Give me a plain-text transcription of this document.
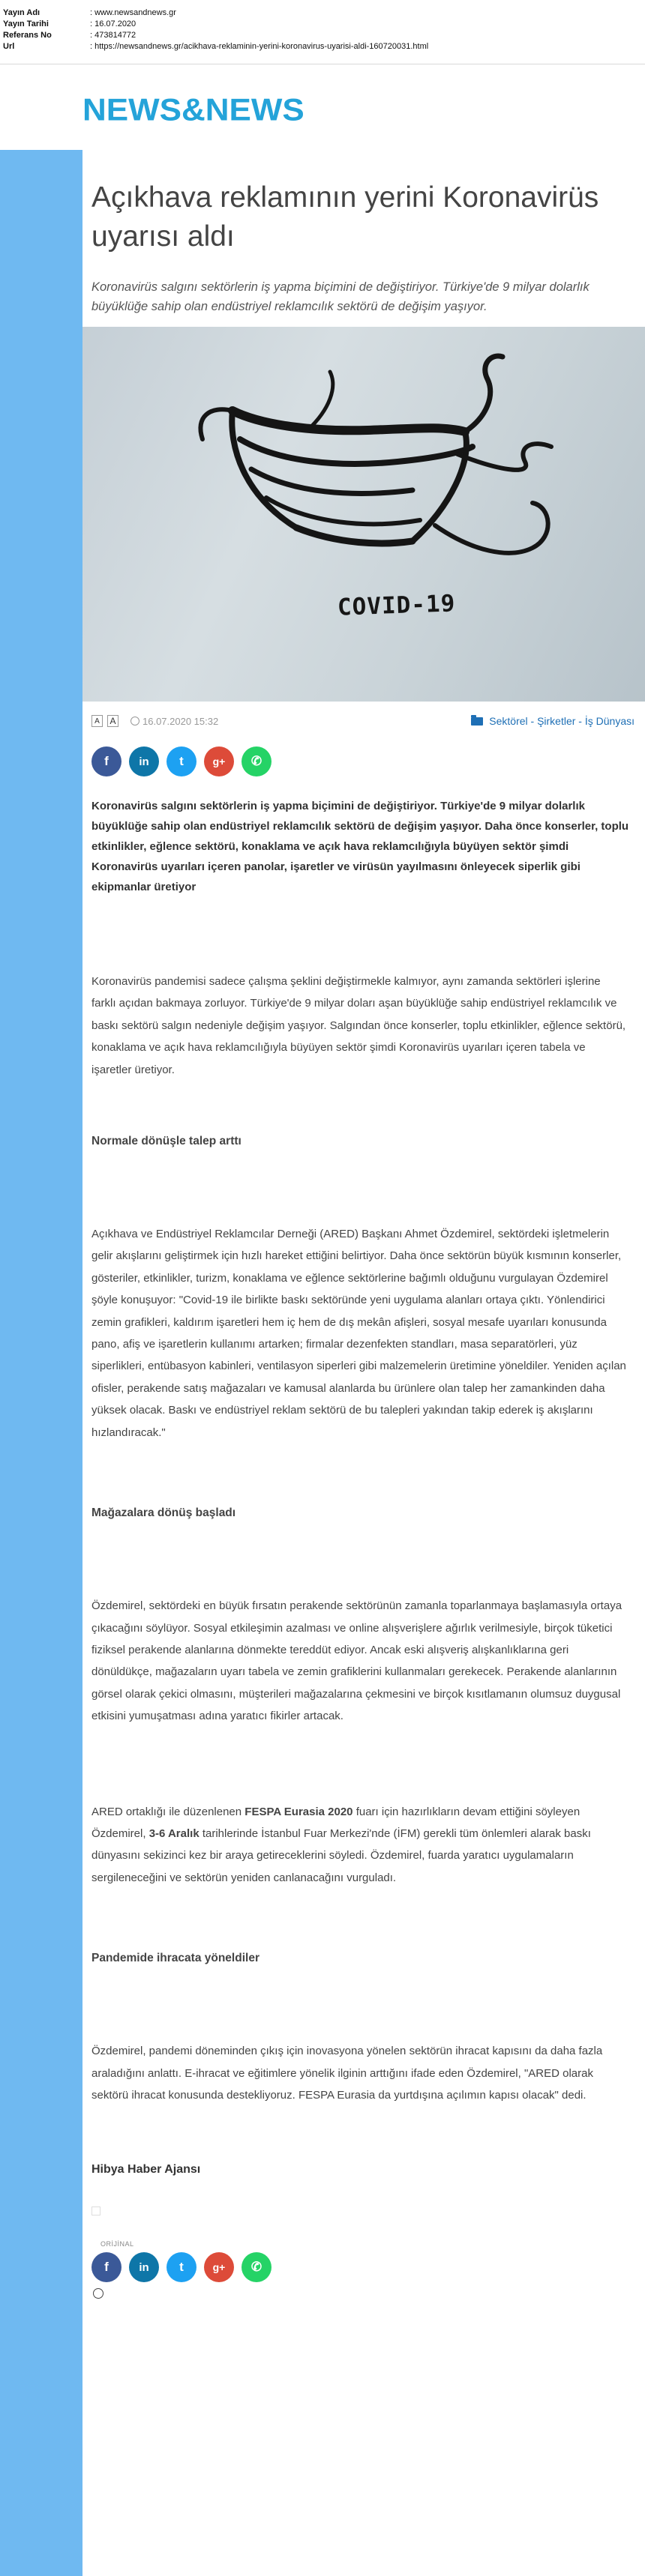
Yayın Adı	: www.newsandnews.gr
Yayın Tarihi	: 16.07.2020
Referans No	: 473814772
Url	: https://newsandnews.gr/acikhava-reklaminin-yerini-koronavirus-uyarisi-aldi-160720031.html
NEWS&NEWS
Açıkhava reklamının yerini Koronavirüs uyarısı aldı

Koronavirüs salgını sektörlerin iş yapma biçimini de değiştiriyor. Türkiye'de 9 milyar dolarlık büyüklüğe sahip olan endüstriyel reklamcılık sektörü de değişim yaşıyor.

COVID-19
A	A	16.07.2020 15:32	Sektörel - Şirketler - İş Dünyası
f	in t	g+ ✆

Koronavirüs salgını sektörlerin iş yapma biçimini de değiştiriyor. Türkiye'de 9 milyar dolarlık büyüklüğe sahip olan endüstriyel reklamcılık sektörü de değişim yaşıyor. Daha önce konserler, toplu etkinlikler, eğlence sektörü, konaklama ve açık hava reklamcılığıyla büyüyen sektör şimdi Koronavirüs uyarıları içeren panolar, işaretler ve virüsün yayılmasını önleyecek siperlik gibi ekipmanlar üretiyor

Koronavirüs pandemisi sadece çalışma şeklini değiştirmekle kalmıyor, aynı zamanda sektörleri işlerine farklı açıdan bakmaya zorluyor. Türkiye'de 9 milyar doları aşan büyüklüğe sahip endüstriyel reklamcılık ve baskı sektörü salgın nedeniyle değişim yaşıyor. Salgından önce konserler, toplu etkinlikler, eğlence sektörü, konaklama ve açık hava reklamcılığıyla büyüyen sektör şimdi Koronavirüs uyarıları içeren tabela ve işaretler üretiyor.

Normale dönüşle talep arttı

Açıkhava ve Endüstriyel Reklamcılar Derneği (ARED) Başkanı Ahmet Özdemirel, sektördeki işletmelerin gelir akışlarını geliştirmek için hızlı hareket ettiğini belirtiyor. Daha önce sektörün büyük kısmının konserler, gösteriler, etkinlikler, turizm, konaklama ve eğlence sektörlerine bağımlı olduğunu vurgulayan Özdemirel şöyle konuşuyor: "Covid-19 ile birlikte baskı sektöründe yeni uygulama alanları ortaya çıktı. Yönlendirici zemin grafikleri, kaldırım işaretleri hem iç hem de dış mekân afişleri, sosyal mesafe uyarıları konusunda pano, afiş ve işaretlerin kullanımı artarken; firmalar dezenfekten standları, masa separatörleri, yüz siperlikleri, entübasyon kabinleri, ventilasyon siperleri gibi malzemelerin üretimine yöneldiler. Yeniden açılan ofisler, perakende satış mağazaları ve kamusal alanlarda bu ürünlere olan talep her zamankinden daha yüksek olacak. Baskı ve endüstriyel reklam sektörü de bu talepleri yakından takip ederek iş akışlarını hızlandıracak."

Mağazalara dönüş başladı

Özdemirel, sektördeki en büyük fırsatın perakende sektörünün zamanla toparlanmaya başlamasıyla ortaya çıkacağını söylüyor. Sosyal etkileşimin azalması ve online alışverişlere ağırlık verilmesiyle, birçok tüketici fiziksel perakende alanlarına dönmekte tereddüt ediyor. Ancak eski alışveriş alışkanlıklarına geri dönüldükçe, mağazaların uyarı tabela ve zemin grafiklerini kullanmaları gerekecek. Perakende alanlarının görsel olarak çekici olmasını, müşterileri mağazalarına çekmesini ve birçok kısıtlamanın olumsuz duygusal etkisini yumuşatması adına yaratıcı fikirler artacak.

ARED ortaklığı ile düzenlenen FESPA Eurasia 2020 fuarı için hazırlıkların devam ettiğini söyleyen Özdemirel, 3-6 Aralık tarihlerinde İstanbul Fuar Merkezi'nde (İFM) gerekli tüm önlemleri alarak baskı dünyasını sekizinci kez bir araya getireceklerini söyledi. Özdemirel, fuarda yaratıcı uygulamaların sergileneceğini ve sektörün yeniden canlanacağını vurguladı.

Pandemide ihracata yöneldiler

Özdemirel, pandemi döneminden çıkış için inovasyona yönelen sektörün ihracat kapısını da daha fazla araladığını anlattı. E-ihracat ve eğitimlere yönelik ilginin arttığını ifade eden Özdemirel, "ARED olarak sektörü ihracat konusunda destekliyoruz. FESPA Eurasia da yurtdışına açılımın kapısı olacak" dedi.

Hibya Haber Ajansı
ORİJİNAL
f	in t	g+ ✆
